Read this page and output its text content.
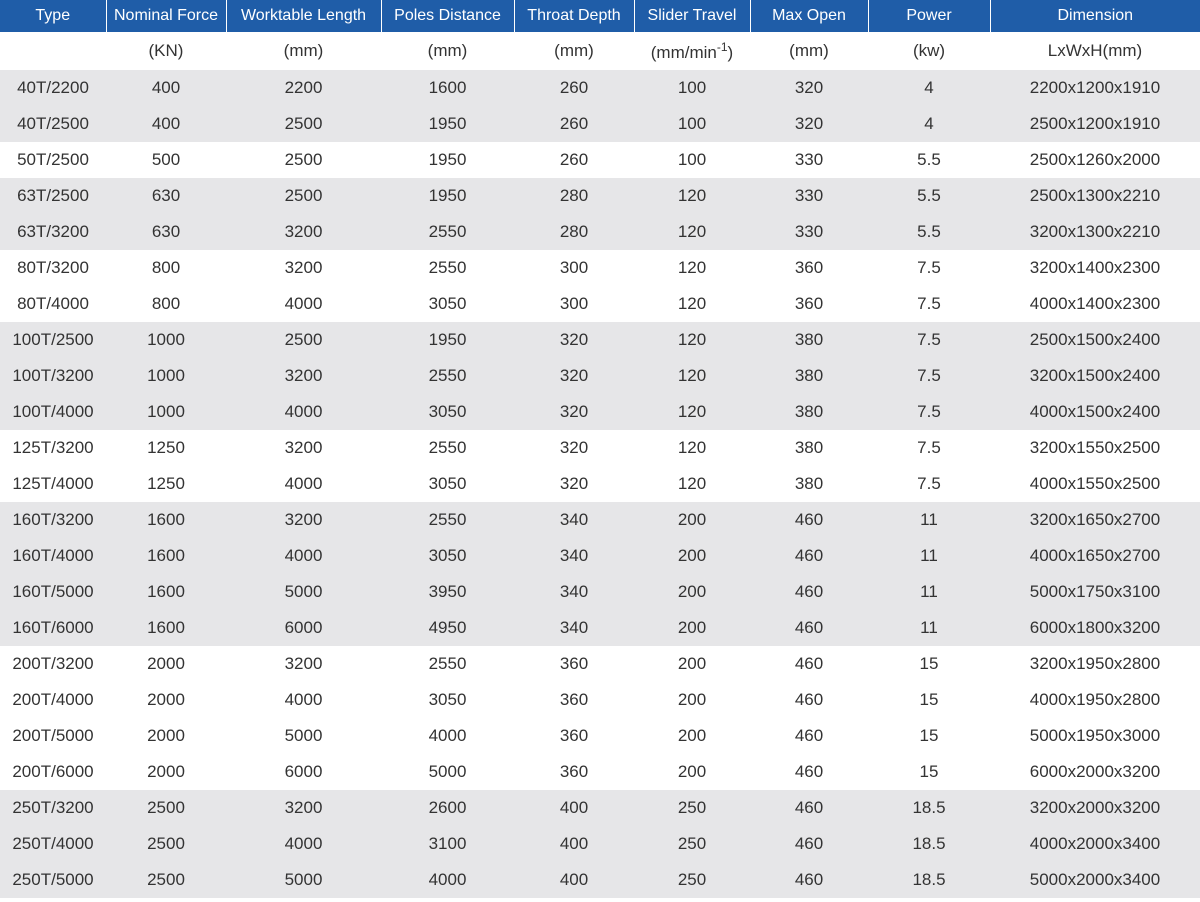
Type	Nominal Force	Worktable Length	Poles Distance	Throat Depth	Slider Travel	Max Open	Power	Dimension
	(KN)	(mm)	(mm)	(mm)	$(mm/\min^{-1})$	(mm)	(kw)	LxWxH(mm)
40T/2200	400	2200	1600	260	100	320	4	2200x1200x1910
40T/2500	400	2500	1950	260	100	320	4	2500x1200x1910
50T/2500	500	2500	1950	260	100	330	5.5	2500x1260x2000
63T/2500	630	2500	1950	280	120	330	5.5	2500x1300x2210
63T/3200	630	3200	2550	280	120	330	5.5	3200x1300x2210
80T/3200	800	3200	2550	300	120	360	7.5	3200x1400x2300
80T/4000	800	4000	3050	300	120	360	7.5	4000x1400x2300
100T/2500	1000	2500	1950	320	120	380	7.5	2500x1500x2400
100T/3200	1000	3200	2550	320	120	380	7.5	3200x1500x2400
100T/4000	1000	4000	3050	320	120	380	7.5	4000x1500x2400
125T/3200	1250	3200	2550	320	120	380	7.5	3200x1550x2500
125T/4000	1250	4000	3050	320	120	380	7.5	4000x1550x2500
160T/3200	1600	3200	2550	340	200	460	11	3200x1650x2700
160T/4000	1600	4000	3050	340	200	460	11	4000x1650x2700
160T/5000	1600	5000	3950	340	200	460	11	5000x1750x3100
160T/6000	1600	6000	4950	340	200	460	11	6000x1800x3200
200T/3200	2000	3200	2550	360	200	460	15	3200x1950x2800
200T/4000	2000	4000	3050	360	200	460	15	4000x1950x2800
200T/5000	2000	5000	4000	360	200	460	15	5000x1950x3000
200T/6000	2000	6000	5000	360	200	460	15	6000x2000x3200
250T/3200	2500	3200	2600	400	250	460	18.5	3200x2000x3200
250T/4000	2500	4000	3100	400	250	460	18.5	4000x2000x3400
250T/5000	2500	5000	4000	400	250	460	18.5	5000x2000x3400
